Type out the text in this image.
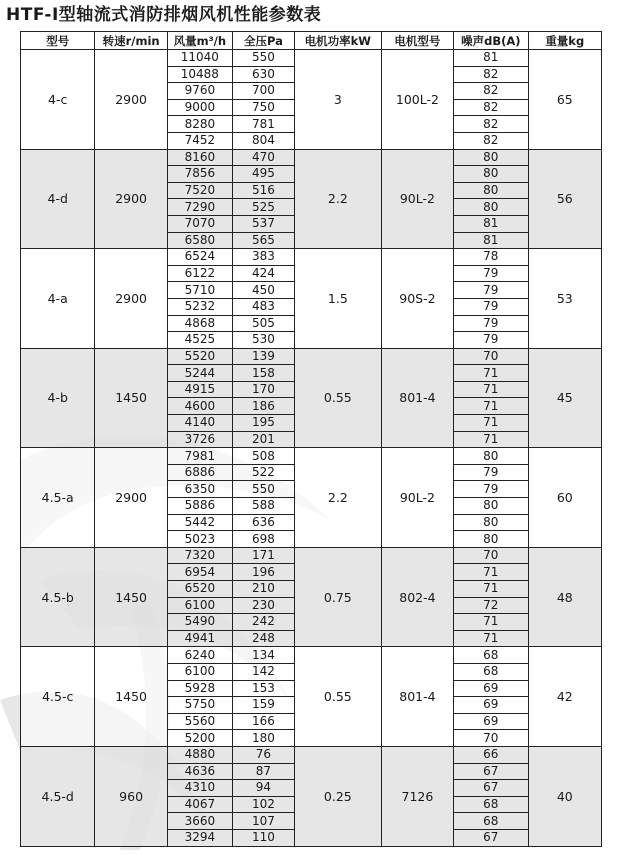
HTF-Ⅰ型轴流式消防排烟风机性能参数表
型号	转速r/min	风量m³/h	全压Pa	电机功率kW	电机型号	噪声dB(A)	重量kg
4-c	2900	11040	550	3	100L-2	81	65
		10488	630			82	
		9760	700			82	
		9000	750			82	
		8280	781			82	
		7452	804			82	
4-d	2900	8160	470	2.2	90L-2	80	56
		7856	495			80	
		7520	516			80	
		7290	525			80	
		7070	537			81	
		6580	565			81	
4-a	2900	6524	383	1.5	90S-2	78	53
		6122	424			79	
		5710	450			79	
		5232	483			79	
		4868	505			79	
		4525	530			79	
4-b	1450	5520	139	0.55	801-4	70	45
		5244	158			71	
		4915	170			71	
		4600	186			71	
		4140	195			71	
		3726	201			71	
4.5-a	2900	7981	508	2.2	90L-2	80	60
		6886	522			79	
		6350	550			79	
		5886	588			80	
		5442	636			80	
		5023	698			80	
4.5-b	1450	7320	171	0.75	802-4	70	48
		6954	196			71	
		6520	210			71	
		6100	230			72	
		5490	242			71	
		4941	248			71	
4.5-c	1450	6240	134	0.55	801-4	68	42
		6100	142			68	
		5928	153			69	
		5750	159			69	
		5560	166			69	
		5200	180			70	
4.5-d	960	4880	76	0.25	7126	66	40
		4636	87			67	
		4310	94			67	
		4067	102			68	
		3660	107			68	
		3294	110			67	
